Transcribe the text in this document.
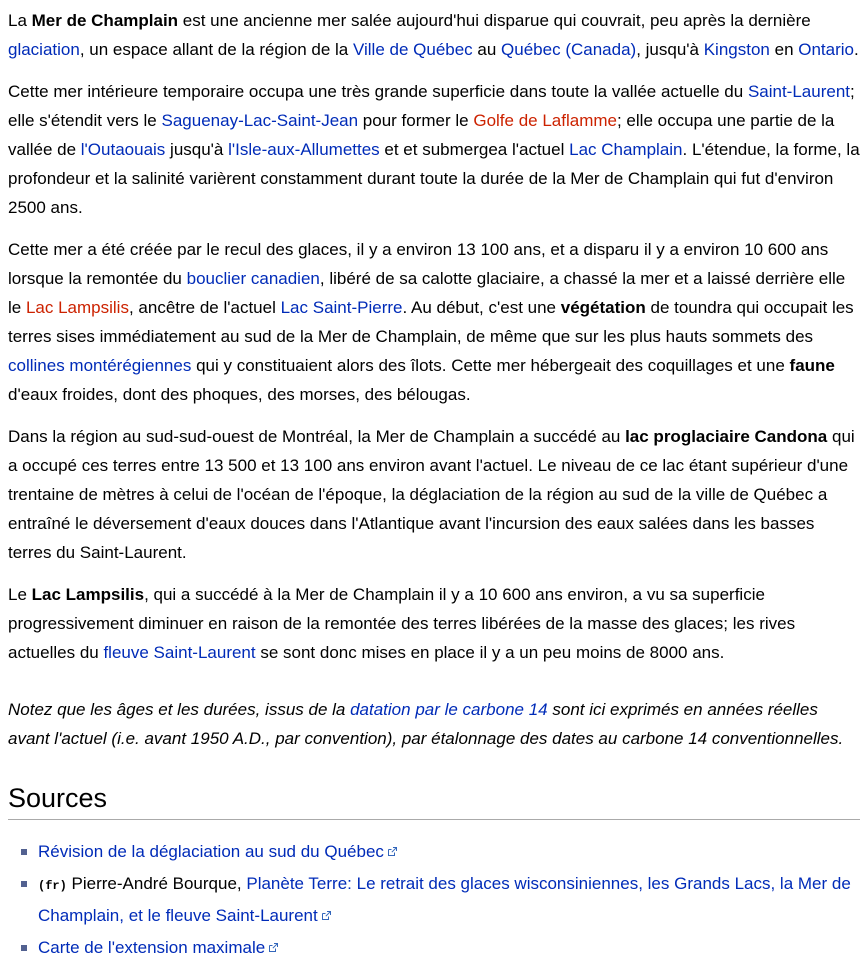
La Mer de Champlain est une ancienne mer salée aujourd'hui disparue qui couvrait, peu après la dernière glaciation, un espace allant de la région de la Ville de Québec au Québec (Canada), jusqu'à Kingston en Ontario.

Cette mer intérieure temporaire occupa une très grande superficie dans toute la vallée actuelle du Saint-Laurent; elle s'étendit vers le Saguenay-Lac-Saint-Jean pour former le Golfe de Laflamme; elle occupa une partie de la vallée de l'Outaouais jusqu'à l'Isle-aux-Allumettes et et submergea l'actuel Lac Champlain. L'étendue, la forme, la profondeur et la salinité varièrent constamment durant toute la durée de la Mer de Champlain qui fut d'environ 2500 ans.

Cette mer a été créée par le recul des glaces, il y a environ 13 100 ans, et a disparu il y a environ 10 600 ans lorsque la remontée du bouclier canadien, libéré de sa calotte glaciaire, a chassé la mer et a laissé derrière elle le Lac Lampsilis, ancêtre de l'actuel Lac Saint-Pierre. Au début, c'est une végétation de toundra qui occupait les terres sises immédiatement au sud de la Mer de Champlain, de même que sur les plus hauts sommets des collines montérégiennes qui y constituaient alors des îlots. Cette mer hébergeait des coquillages et une faune d'eaux froides, dont des phoques, des morses, des bélougas.

Dans la région au sud-sud-ouest de Montréal, la Mer de Champlain a succédé au lac proglaciaire Candona qui a occupé ces terres entre 13 500 et 13 100 ans environ avant l'actuel. Le niveau de ce lac étant supérieur d'une trentaine de mètres à celui de l'océan de l'époque, la déglaciation de la région au sud de la ville de Québec a entraîné le déversement d'eaux douces dans l'Atlantique avant l'incursion des eaux salées dans les basses terres du Saint-Laurent.

Le Lac Lampsilis, qui a succédé à la Mer de Champlain il y a 10 600 ans environ, a vu sa superficie progressivement diminuer en raison de la remontée des terres libérées de la masse des glaces; les rives actuelles du fleuve Saint-Laurent se sont donc mises en place il y a un peu moins de 8000 ans.

Notez que les âges et les durées, issus de la datation par le carbone 14 sont ici exprimés en années réelles avant l'actuel (i.e. avant 1950 A.D., par convention), par étalonnage des dates au carbone 14 conventionnelles.

Sources
Révision de la déglaciation au sud du Québec
(fr) Pierre-André Bourque, Planète Terre: Le retrait des glaces wisconsiniennes, les Grands Lacs, la Mer de Champlain, et le fleuve Saint-Laurent
Carte de l'extension maximale
